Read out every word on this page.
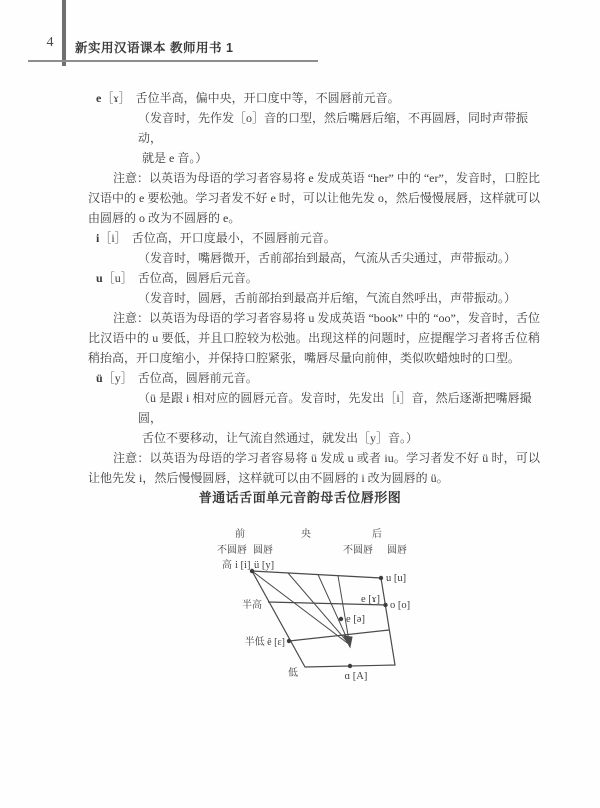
4	新实用汉语课本 教师用书 1

e［ɤ］ 舌位半高，偏中央，开口度中等，不圆唇前元音。

（发音时，先作发［o］音的口型，然后嘴唇后缩，不再圆唇，同时声带振动，

就是 e 音。）

注意：以英语为母语的学习者容易将 e 发成英语 “her” 中的 “er”，发音时，口腔比汉语中的 e 要松弛。学习者发不好 e 时，可以让他先发 o，然后慢慢展唇，这样就可以由圆唇的 o 改为不圆唇的 e。

i［i］ 舌位高，开口度最小，不圆唇前元音。

（发音时，嘴唇微开，舌前部抬到最高，气流从舌尖通过，声带振动。）

u［u］ 舌位高，圆唇后元音。

（发音时，圆唇，舌前部抬到最高并后缩，气流自然呼出，声带振动。）

注意：以英语为母语的学习者容易将 u 发成英语 “book” 中的 “oo”，发音时，舌位比汉语中的 u 要低，并且口腔较为松弛。出现这样的问题时，应提醒学习者将舌位稍稍抬高，开口度缩小，并保持口腔紧张，嘴唇尽量向前伸，类似吹蜡烛时的口型。

ü［y］ 舌位高，圆唇前元音。

（ü 是跟 i 相对应的圆唇元音。发音时，先发出［i］音，然后逐渐把嘴唇撮圆，

舌位不要移动，让气流自然通过，就发出［y］音。）

注意：以英语为母语的学习者容易将 ü 发成 u 或者 iu。学习者发不好 ü 时，可以让他先发 i，然后慢慢圆唇，这样就可以由不圆唇的 i 改为圆唇的 ü。

普通话舌面单元音韵母舌位唇形图
前	央	后
不圆唇 圆唇	不圆唇 圆唇
高 i [i] ü [y]
u [u]
半高
e [ɤ]
o [o]
e [ə]
半低 ê [ɛ]
低	ɑ [A]
